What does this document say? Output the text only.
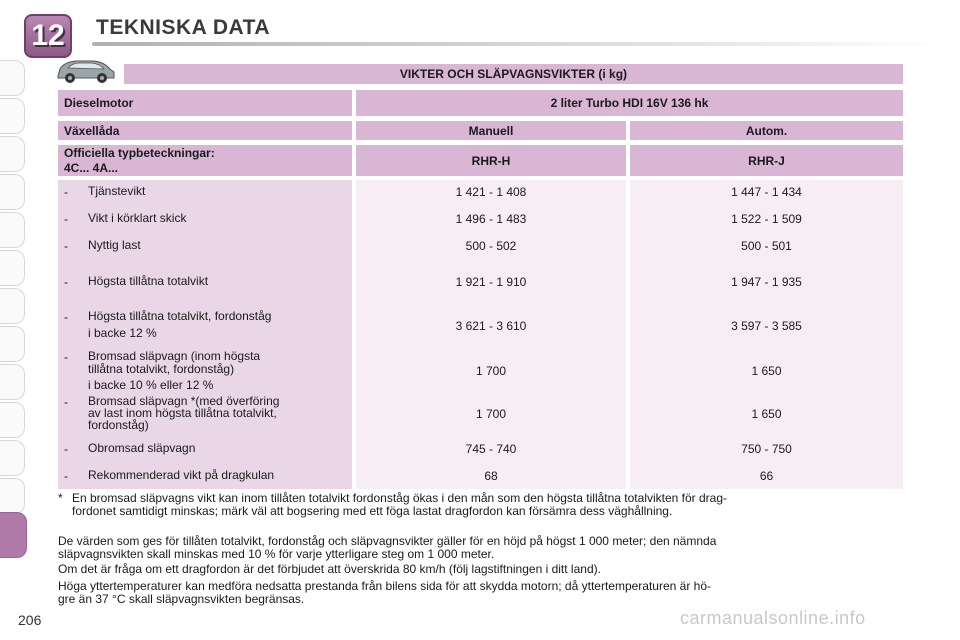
12	TEKNISKA DATA
VIKTER OCH SLÄPVAGNSVIKTER (i kg)
Dieselmotor	2 liter Turbo HDI 16V 136 hk
Växellåda	Manuell	Autom.
Officiella typbeteckningar:
4C... 4A...	RHR-H	RHR-J
- Tjänstevikt	1 421 - 1 408	1 447 - 1 434
- Vikt i körklart skick	1 496 - 1 483	1 522 - 1 509
- Nyttig last	500 - 502	500 - 501
- Högsta tillåtna totalvikt	1 921 - 1 910	1 947 - 1 935
- Högsta tillåtna totalvikt, fordonståg
i backe 12 %	3 621 - 3 610	3 597 - 3 585
- Bromsad släpvagn (inom högsta
tillåtna totalvikt, fordonståg)
i backe 10 % eller 12 %
1 700	1 650
- Bromsad släpvagn *(med överföring
av last inom högsta tillåtna totalvikt,
fordonståg)
1 700	1 650
- Obromsad släpvagn	745 - 740	750 - 750
- Rekommenderad vikt på dragkulan	68	66
* En bromsad släpvagns vikt kan inom tillåten totalvikt fordonståg ökas i den mån som den högsta tillåtna totalvikten för drag-
fordonet samtidigt minskas; märk väl att bogsering med ett föga lastat dragfordon kan försämra dess väghållning.
De värden som ges för tillåten totalvikt, fordonståg och släpvagnsvikter gäller för en höjd på högst 1 000 meter; den nämnda
släpvagnsvikten skall minskas med 10 % för varje ytterligare steg om 1 000 meter.
Om det är fråga om ett dragfordon är det förbjudet att överskrida 80 km/h (följ lagstiftningen i ditt land).
Höga yttertemperaturer kan medföra nedsatta prestanda från bilens sida för att skydda motorn; då yttertemperaturen är hö-
gre än 37 °C skall släpvagnsvikten begränsas.
206	carmanualsonline.info
